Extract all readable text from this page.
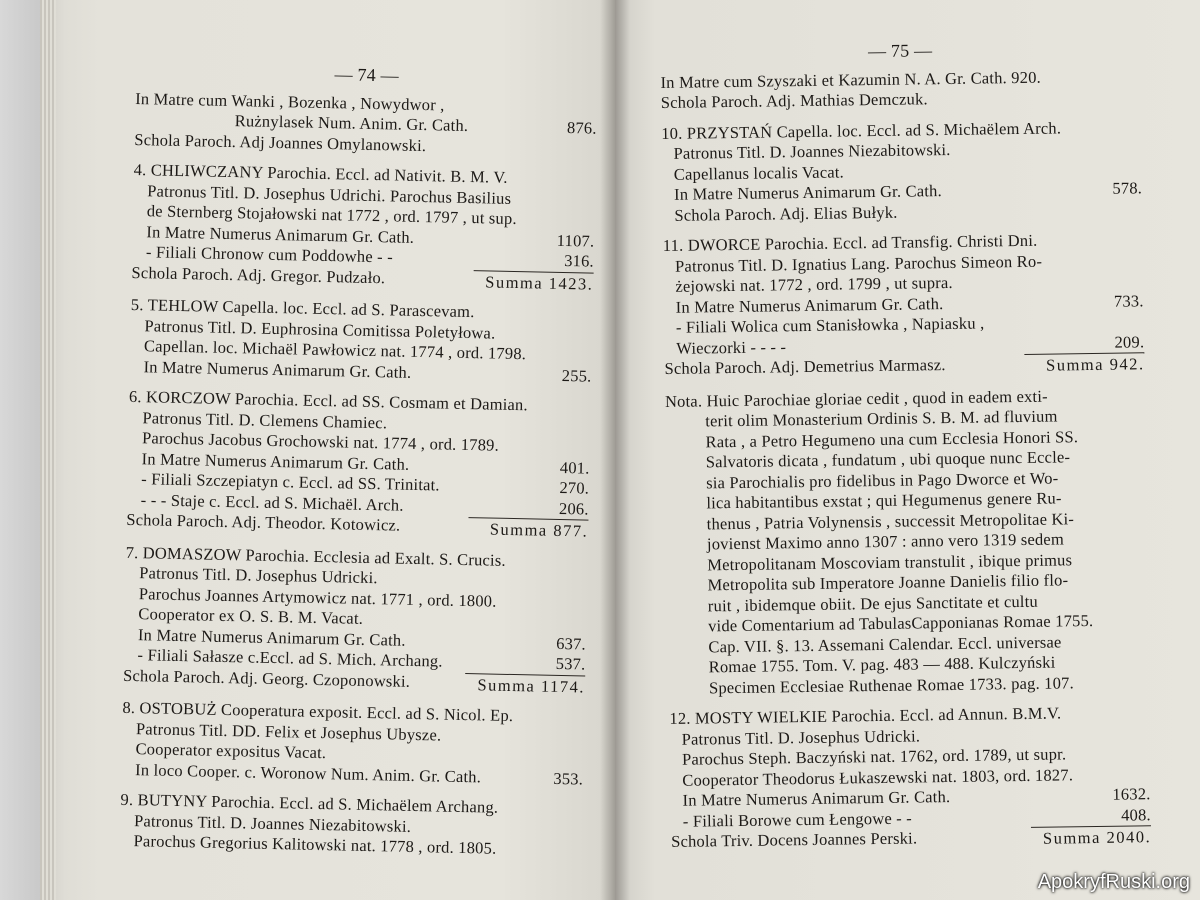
— 74 —
In Matre cum Wanki , Bozenka , Nowydwor ,
Rużnylasek Num. Anim. Gr. Cath.	876.
Schola Paroch. Adj Joannes Omylanowski.
4. CHLIWCZANY Parochia. Eccl. ad Nativit. B. M. V.
Patronus Titl. D. Josephus Udrichi. Parochus Basilius
de Sternberg Stojałowski nat 1772 , ord. 1797 , ut sup.
In Matre Numerus Animarum Gr. Cath.	1107.
- Filiali Chronow cum Poddowhe - -	316.
Schola Paroch. Adj. Gregor. Pudzało.	Summa 1423.
5. TEHLOW Capella. loc. Eccl. ad S. Parascevam.
Patronus Titl. D. Euphrosina Comitissa Poletyłowa.
Capellan. loc. Michaël Pawłowicz nat. 1774 , ord. 1798.
In Matre Numerus Animarum Gr. Cath.	255.
6. KORCZOW Parochia. Eccl. ad SS. Cosmam et Damian.
Patronus Titl. D. Clemens Chamiec.
Parochus Jacobus Grochowski nat. 1774 , ord. 1789.
In Matre Numerus Animarum Gr. Cath.	401.
- Filiali Szczepiatyn c. Eccl. ad SS. Trinitat.	270.
- - - Staje c. Eccl. ad S. Michaël. Arch.	206.
Schola Paroch. Adj. Theodor. Kotowicz.	Summa 877.
7. DOMASZOW Parochia. Ecclesia ad Exalt. S. Crucis.
Patronus Titl. D. Josephus Udricki.
Parochus Joannes Artymowicz nat. 1771 , ord. 1800.
Cooperator ex O. S. B. M. Vacat.
In Matre Numerus Animarum Gr. Cath.	637.
- Filiali Sałasze c.Eccl. ad S. Mich. Archang.	537.
Schola Paroch. Adj. Georg. Czoponowski.	Summa 1174.
8. OSTOBUŻ Cooperatura exposit. Eccl. ad S. Nicol. Ep.
Patronus Titl. DD. Felix et Josephus Ubysze.
Cooperator expositus Vacat.
In loco Cooper. c. Woronow Num. Anim. Gr. Cath.	353.
9. BUTYNY Parochia. Eccl. ad S. Michaëlem Archang.
Patronus Titl. D. Joannes Niezabitowski.
Parochus Gregorius Kalitowski nat. 1778 , ord. 1805.
— 75 —
In Matre cum Szyszaki et Kazumin N. A. Gr. Cath. 920.
Schola Paroch. Adj. Mathias Demczuk.
10. PRZYSTAŃ Capella. loc. Eccl. ad S. Michaëlem Arch.
Patronus Titl. D. Joannes Niezabitowski.
Capellanus localis Vacat.
In Matre Numerus Animarum Gr. Cath.	578.
Schola Paroch. Adj. Elias Bułyk.
11. DWORCE Parochia. Eccl. ad Transfig. Christi Dni.
Patronus Titl. D. Ignatius Lang. Parochus Simeon Ro-
żejowski nat. 1772 , ord. 1799 , ut supra.
In Matre Numerus Animarum Gr. Cath.	733.
- Filiali Wolica cum Stanisłowka , Napiasku ,
Wieczorki - - - -	209.
Schola Paroch. Adj. Demetrius Marmasz.	Summa 942.
Nota. Huic Parochiae gloriae cedit , quod in eadem exti-
terit olim Monasterium Ordinis S. B. M. ad fluvium
Rata , a Petro Hegumeno una cum Ecclesia Honori SS.
Salvatoris dicata , fundatum , ubi quoque nunc Eccle-
sia Parochialis pro fidelibus in Pago Dworce et Wo-
lica habitantibus exstat ; qui Hegumenus genere Ru-
thenus , Patria Volynensis , successit Metropolitae Ki-
jovienst Maximo anno 1307 : anno vero 1319 sedem
Metropolitanam Moscoviam transtulit , ibique primus
Metropolita sub Imperatore Joanne Danielis filio flo-
ruit , ibidemque obiit. De ejus Sanctitate et cultu
vide Comentarium ad TabulasCapponianas Romae 1755.
Cap. VII. §. 13. Assemani Calendar. Eccl. universae
Romae 1755. Tom. V. pag. 483 — 488. Kulczyński
Specimen Ecclesiae Ruthenae Romae 1733. pag. 107.
12. MOSTY WIELKIE Parochia. Eccl. ad Annun. B.M.V.
Patronus Titl. D. Josephus Udricki.
Parochus Steph. Baczyński nat. 1762, ord. 1789, ut supr.
Cooperator Theodorus Łukaszewski nat. 1803, ord. 1827.
In Matre Numerus Animarum Gr. Cath.	1632.
- Filiali Borowe cum Łengowe - -	408.
Schola Triv. Docens Joannes Perski.	Summa 2040.
ApokryfRuski.org
